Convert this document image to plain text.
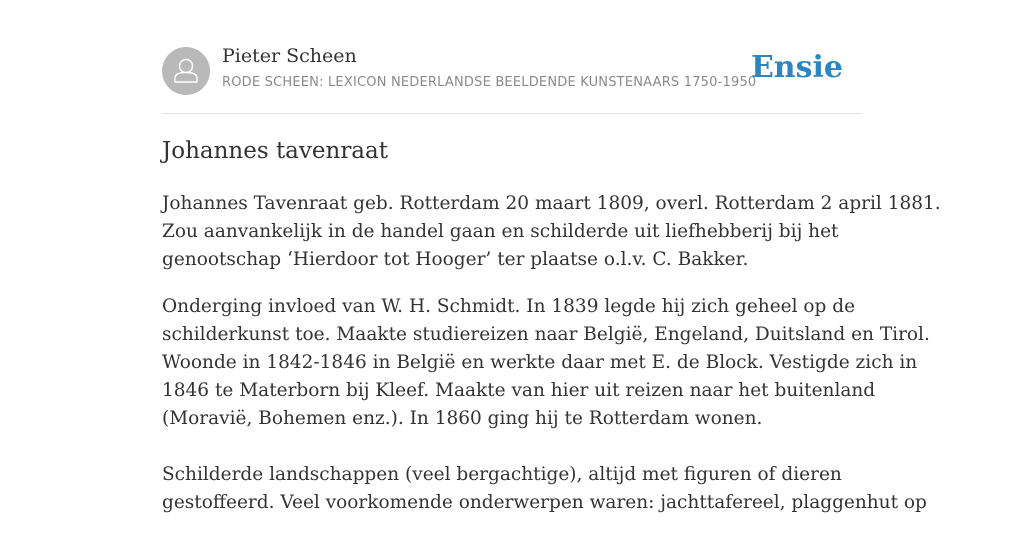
Pieter Scheen
RODE SCHEEN: LEXICON NEDERLANDSE BEELDENDE KUNSTENAARS 1750-1950
Ensie
Johannes tavenraat

Johannes Tavenraat geb. Rotterdam 20 maart 1809, overl. Rotterdam 2 april 1881.
Zou aanvankelijk in de handel gaan en schilderde uit liefhebberij bij het
genootschap ‘Hierdoor tot Hooger’ ter plaatse o.l.v. C. Bakker.

Onderging invloed van W. H. Schmidt. In 1839 legde hij zich geheel op de
schilderkunst toe. Maakte studiereizen naar België, Engeland, Duitsland en Tirol.
Woonde in 1842-1846 in België en werkte daar met E. de Block. Vestigde zich in
1846 te Materborn bij Kleef. Maakte van hier uit reizen naar het buitenland
(Moravië, Bohemen enz.). In 1860 ging hij te Rotterdam wonen.

Schilderde landschappen (veel bergachtige), altijd met figuren of dieren
gestoffeerd. Veel voorkomende onderwerpen waren: jachttafereel, plaggenhut op
